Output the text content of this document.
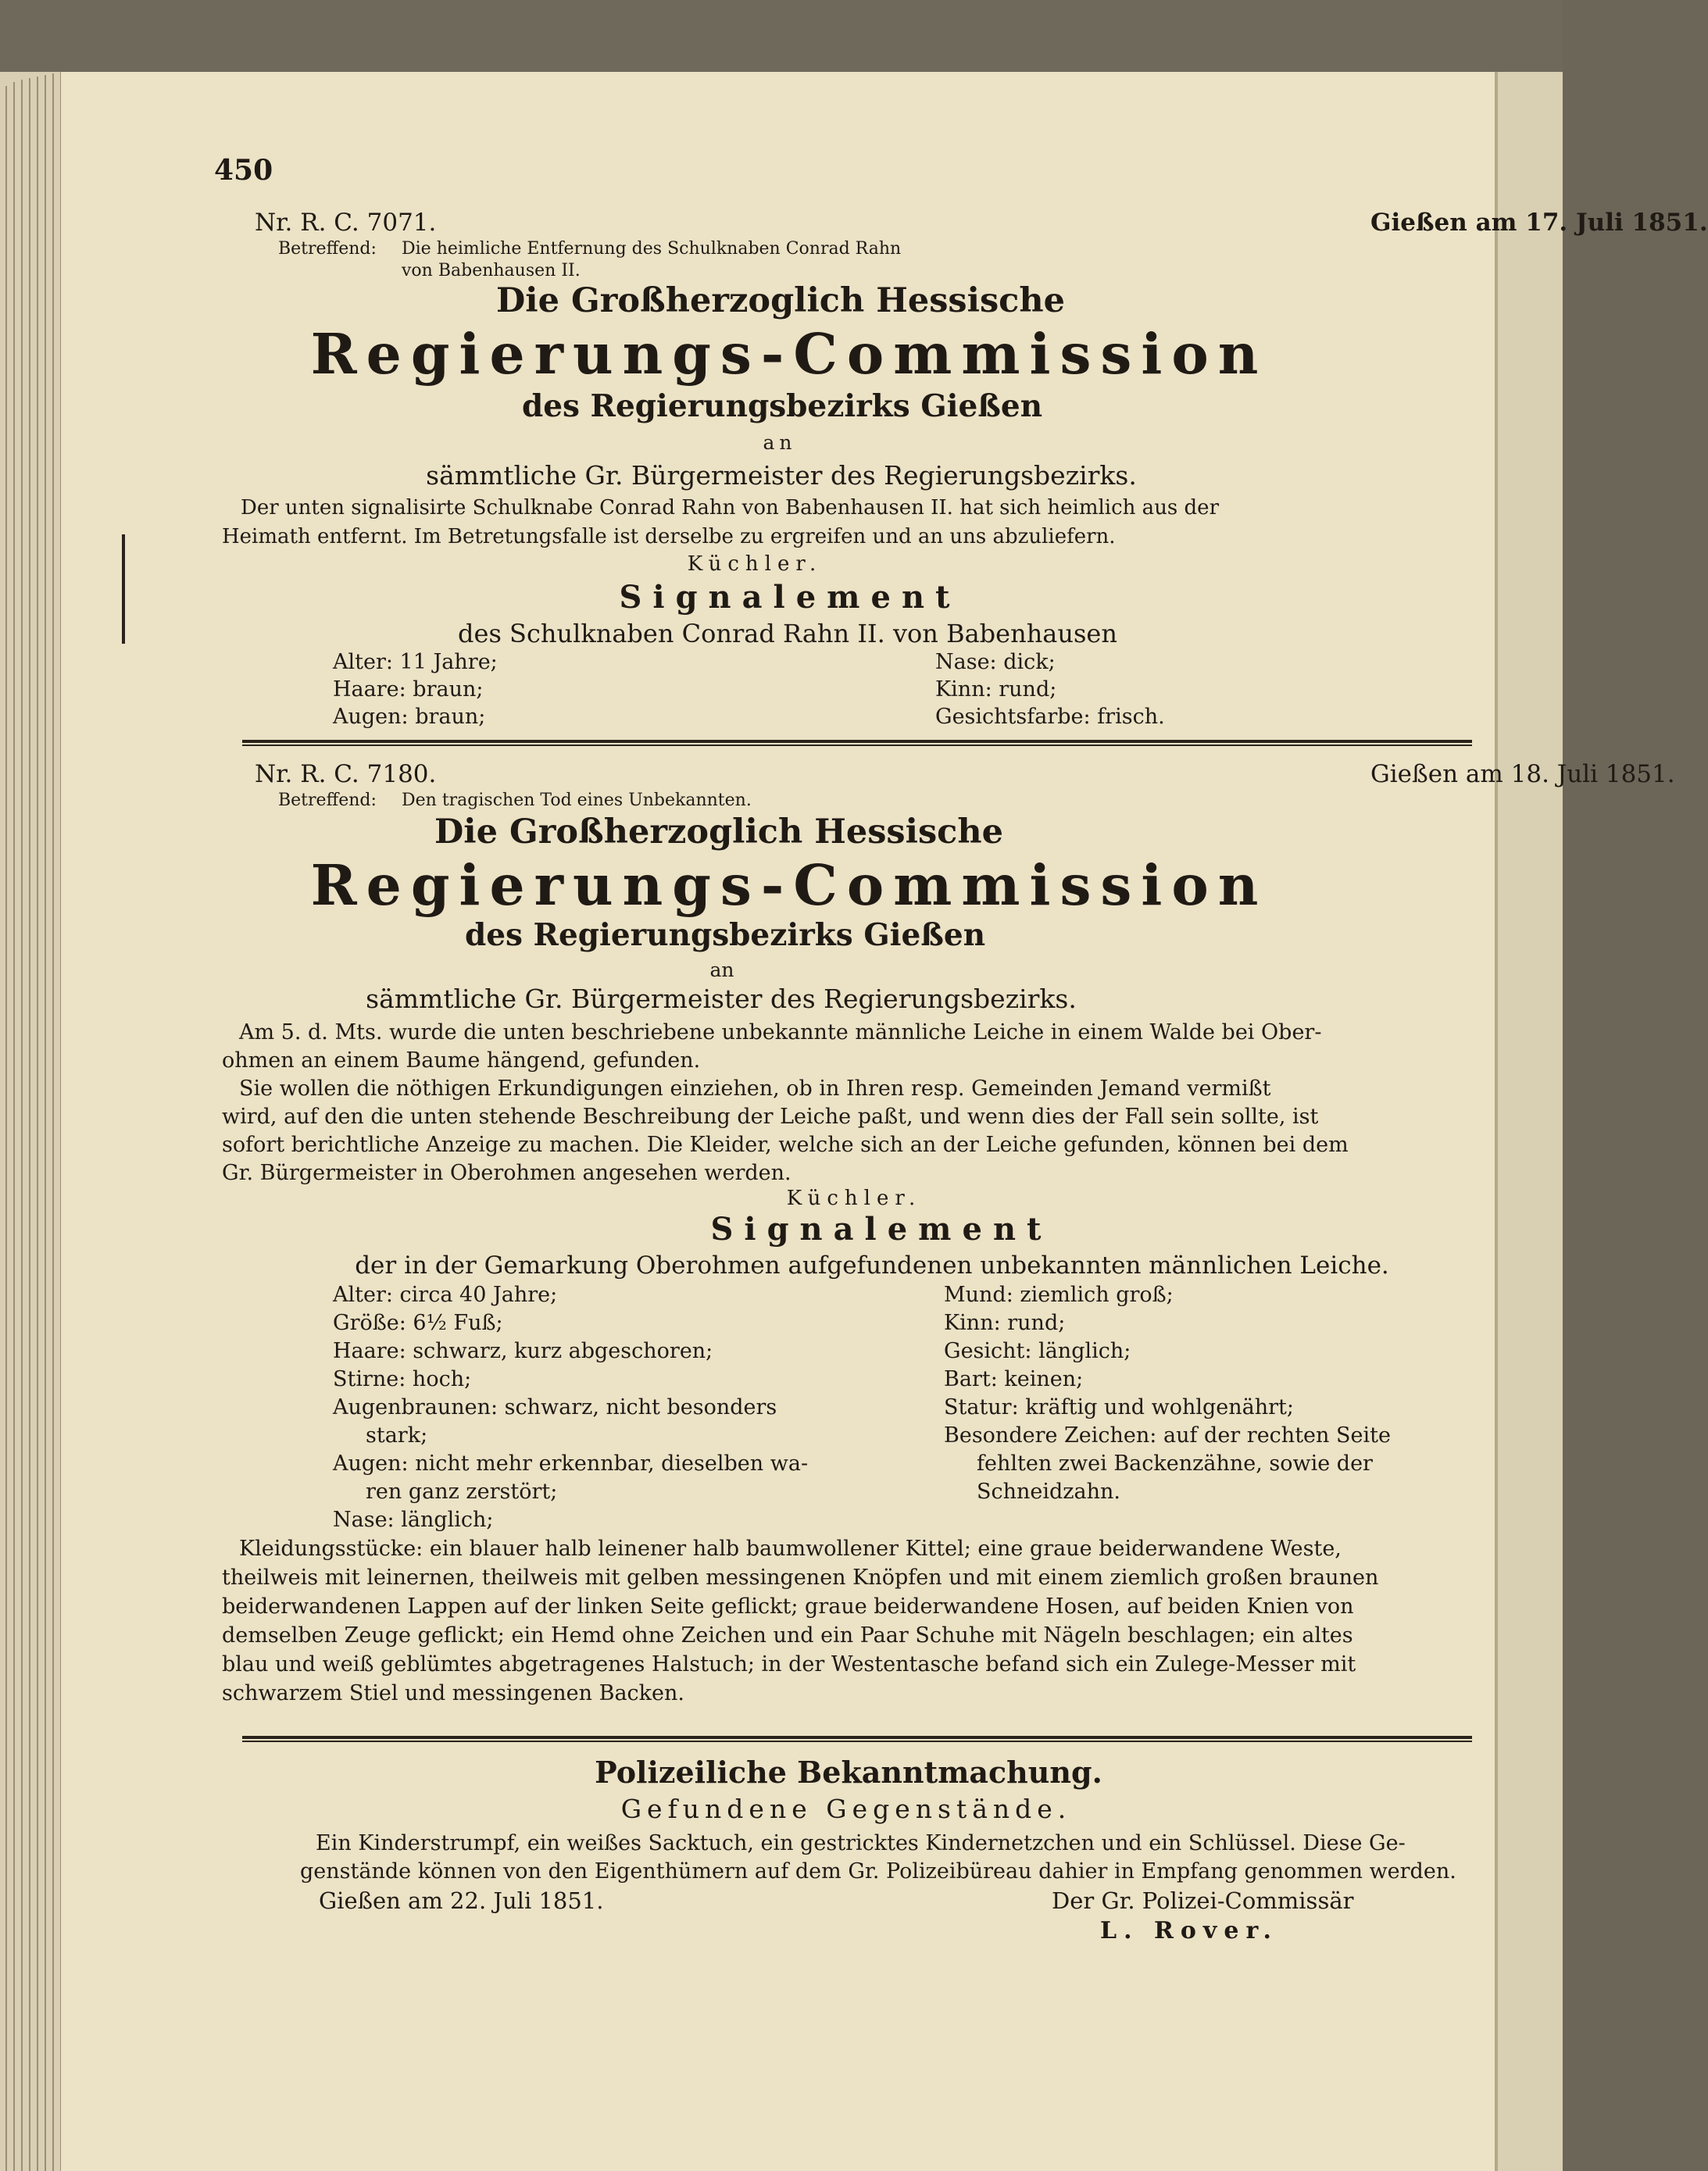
450
Nr. R. C. 7071.	Gießen am 17. Juli 1851.
Betreffend: Die heimliche Entfernung des Schulknaben Conrad Rahn
von Babenhausen II.
Die Großherzoglich Hessische
Regierungs-Commission
des Regierungsbezirks Gießen
an
sämmtliche Gr. Bürgermeister des Regierungsbezirks.
Der unten signalisirte Schulknabe Conrad Rahn von Babenhausen II. hat sich heimlich aus der
Heimath entfernt. Im Betretungsfalle ist derselbe zu ergreifen und an uns abzuliefern.
Küchler.
Signalement
des Schulknaben Conrad Rahn II. von Babenhausen
Alter: 11 Jahre;
Haare: braun;
Augen: braun;
Nase: dick;
Kinn: rund;
Gesichtsfarbe: frisch.
Nr. R. C. 7180.	Gießen am 18. Juli 1851.
Betreffend: Den tragischen Tod eines Unbekannten.
Die Großherzoglich Hessische
Regierungs-Commission
des Regierungsbezirks Gießen
an
sämmtliche Gr. Bürgermeister des Regierungsbezirks.
Am 5. d. Mts. wurde die unten beschriebene unbekannte männliche Leiche in einem Walde bei Ober-
ohmen an einem Baume hängend, gefunden.
Sie wollen die nöthigen Erkundigungen einziehen, ob in Ihren resp. Gemeinden Jemand vermißt
wird, auf den die unten stehende Beschreibung der Leiche paßt, und wenn dies der Fall sein sollte, ist
sofort berichtliche Anzeige zu machen. Die Kleider, welche sich an der Leiche gefunden, können bei dem
Gr. Bürgermeister in Oberohmen angesehen werden.
Küchler.
Signalement
der in der Gemarkung Oberohmen aufgefundenen unbekannten männlichen Leiche.
Alter: circa 40 Jahre;
Größe: 6½ Fuß;
Haare: schwarz, kurz abgeschoren;
Stirne: hoch;
Augenbraunen: schwarz, nicht besonders
stark;
Augen: nicht mehr erkennbar, dieselben wa-
ren ganz zerstört;
Nase: länglich;
Mund: ziemlich groß;
Kinn: rund;
Gesicht: länglich;
Bart: keinen;
Statur: kräftig und wohlgenährt;
Besondere Zeichen: auf der rechten Seite
fehlten zwei Backenzähne, sowie der
Schneidzahn.
Kleidungsstücke: ein blauer halb leinener halb baumwollener Kittel; eine graue beiderwandene Weste,
theilweis mit leinernen, theilweis mit gelben messingenen Knöpfen und mit einem ziemlich großen braunen
beiderwandenen Lappen auf der linken Seite geflickt; graue beiderwandene Hosen, auf beiden Knien von
demselben Zeuge geflickt; ein Hemd ohne Zeichen und ein Paar Schuhe mit Nägeln beschlagen; ein altes
blau und weiß geblümtes abgetragenes Halstuch; in der Westentasche befand sich ein Zulege-Messer mit
schwarzem Stiel und messingenen Backen.
Polizeiliche Bekanntmachung.
Gefundene Gegenstände.
Ein Kinderstrumpf, ein weißes Sacktuch, ein gestricktes Kindernetzchen und ein Schlüssel. Diese Ge-
genstände können von den Eigenthümern auf dem Gr. Polizeibüreau dahier in Empfang genommen werden.
Gießen am 22. Juli 1851.	Der Gr. Polizei-Commissär
L. Rover.
